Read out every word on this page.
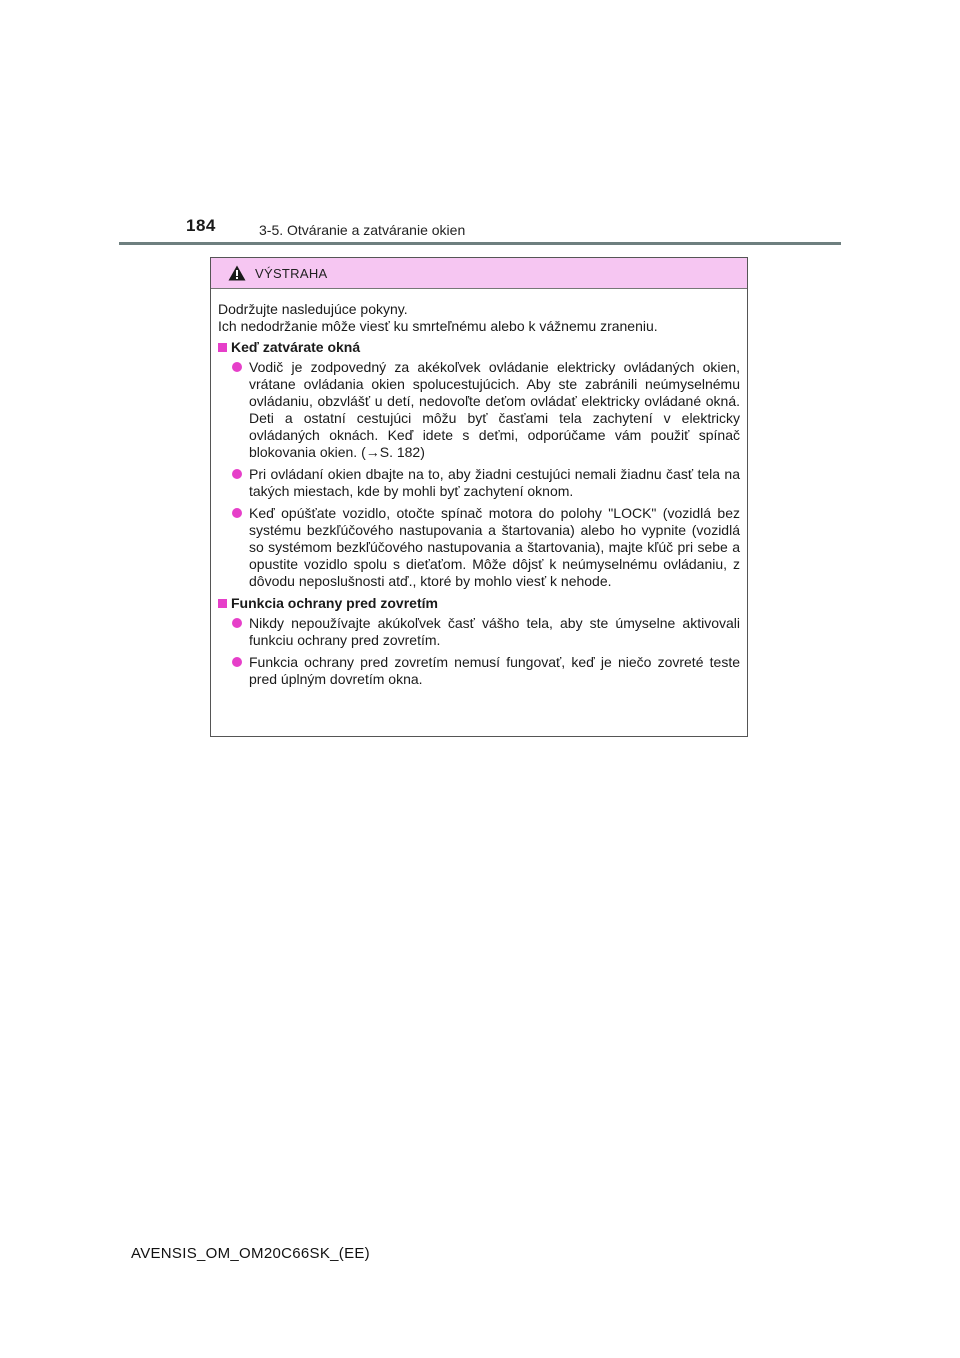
184	3-5. Otváranie a zatváranie okien
VÝSTRAHA
Dodržujte nasledujúce pokyny.
Ich nedodržanie môže viesť ku smrteľnému alebo k vážnemu zraneniu.
Keď zatvárate okná
Vodič je zodpovedný za akékoľvek ovládanie elektricky ovládaných okien, vrátane ovládania okien spolucestujúcich. Aby ste zabránili neúmyselnému ovládaniu, obzvlášť u detí, nedovoľte deťom ovládať elektricky ovládané okná. Deti a ostatní cestujúci môžu byť časťami tela zachytení v elektricky ovládaných oknách. Keď idete s deťmi, odporúčame vám použiť spínač blokovania okien. (→S. 182)
Pri ovládaní okien dbajte na to, aby žiadni cestujúci nemali žiadnu časť tela na takých miestach, kde by mohli byť zachytení oknom.
Keď opúšťate vozidlo, otočte spínač motora do polohy "LOCK" (vozidlá bez systému bezkľúčového nastupovania a štartovania) alebo ho vypnite (vozidlá so systémom bezkľúčového nastupovania a štartovania), majte kľúč pri sebe a opustite vozidlo spolu s dieťaťom. Môže dôjsť k neúmyselnému ovládaniu, z dôvodu neposlušnosti atď., ktoré by mohlo viesť k nehode.
Funkcia ochrany pred zovretím
Nikdy nepoužívajte akúkoľvek časť vášho tela, aby ste úmyselne aktivovali funkciu ochrany pred zovretím.
Funkcia ochrany pred zovretím nemusí fungovať, keď je niečo zovreté teste pred úplným dovretím okna.
AVENSIS_OM_OM20C66SK_(EE)
